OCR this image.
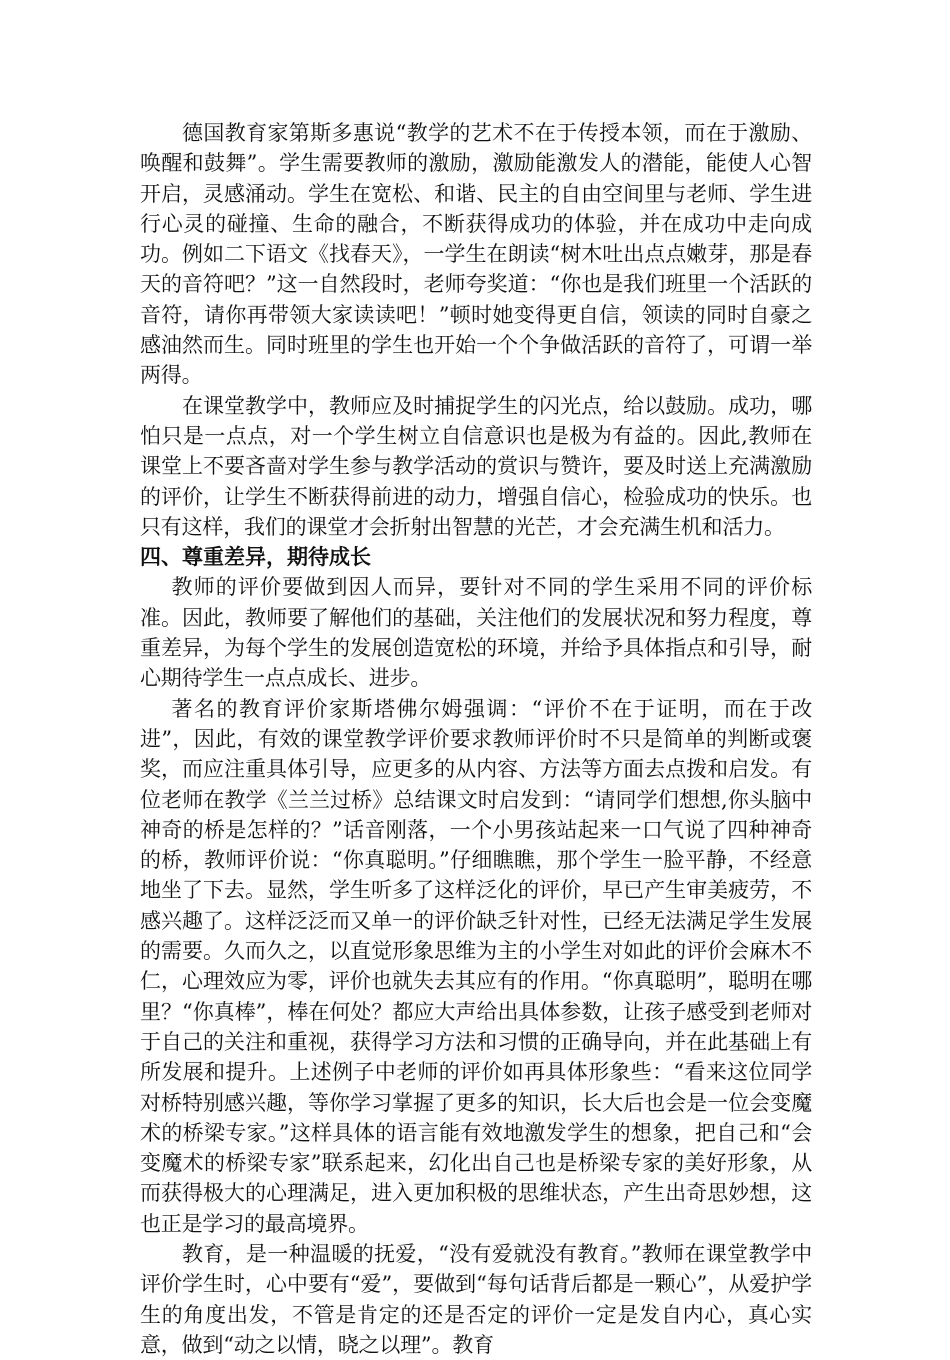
德国教育家第斯多惠说“教学的艺术不在于传授本领，而在于激励、唤醒和鼓舞”。学生需要教师的激励，激励能激发人的潜能，能使人心智开启，灵感涌动。学生在宽松、和谐、民主的自由空间里与老师、学生进行心灵的碰撞、生命的融合，不断获得成功的体验，并在成功中走向成功。例如二下语文《找春天》，一学生在朗读“树木吐出点点嫩芽，那是春天的音符吧？”这一自然段时，老师夸奖道：“你也是我们班里一个活跃的音符，请你再带领大家读读吧！”顿时她变得更自信，领读的同时自豪之感油然而生。同时班里的学生也开始一个个争做活跃的音符了，可谓一举两得。

在课堂教学中，教师应及时捕捉学生的闪光点，给以鼓励。成功，哪怕只是一点点，对一个学生树立自信意识也是极为有益的。因此,教师在课堂上不要吝啬对学生参与教学活动的赏识与赞许，要及时送上充满激励的评价，让学生不断获得前进的动力，增强自信心，检验成功的快乐。也只有这样，我们的课堂才会折射出智慧的光芒，才会充满生机和活力。

四、尊重差异，期待成长

教师的评价要做到因人而异，要针对不同的学生采用不同的评价标准。因此，教师要了解他们的基础，关注他们的发展状况和努力程度，尊重差异，为每个学生的发展创造宽松的环境，并给予具体指点和引导，耐心期待学生一点点成长、进步。

著名的教育评价家斯塔佛尔姆强调：“评价不在于证明，而在于改进”，因此，有效的课堂教学评价要求教师评价时不只是简单的判断或褒奖，而应注重具体引导，应更多的从内容、方法等方面去点拨和启发。有位老师在教学《兰兰过桥》总结课文时启发到：“请同学们想想,你头脑中神奇的桥是怎样的？”话音刚落，一个小男孩站起来一口气说了四种神奇的桥，教师评价说：“你真聪明。”仔细瞧瞧，那个学生一脸平静，不经意地坐了下去。显然，学生听多了这样泛化的评价，早已产生审美疲劳，不感兴趣了。这样泛泛而又单一的评价缺乏针对性，已经无法满足学生发展的需要。久而久之，以直觉形象思维为主的小学生对如此的评价会麻木不仁，心理效应为零，评价也就失去其应有的作用。“你真聪明”，聪明在哪里？“你真棒”，棒在何处？都应大声给出具体参数，让孩子感受到老师对于自己的关注和重视，获得学习方法和习惯的正确导向，并在此基础上有所发展和提升。上述例子中老师的评价如再具体形象些：“看来这位同学对桥特别感兴趣，等你学习掌握了更多的知识，长大后也会是一位会变魔术的桥梁专家。”这样具体的语言能有效地激发学生的想象，把自己和“会变魔术的桥梁专家”联系起来，幻化出自己也是桥梁专家的美好形象，从而获得极大的心理满足，进入更加积极的思维状态，产生出奇思妙想，这也正是学习的最高境界。

教育，是一种温暖的抚爱，“没有爱就没有教育。”教师在课堂教学中评价学生时，心中要有“爱”，要做到“每句话背后都是一颗心”，从爱护学生的角度出发，不管是肯定的还是否定的评价一定是发自内心，真心实意，做到“动之以情，晓之以理”。教育
